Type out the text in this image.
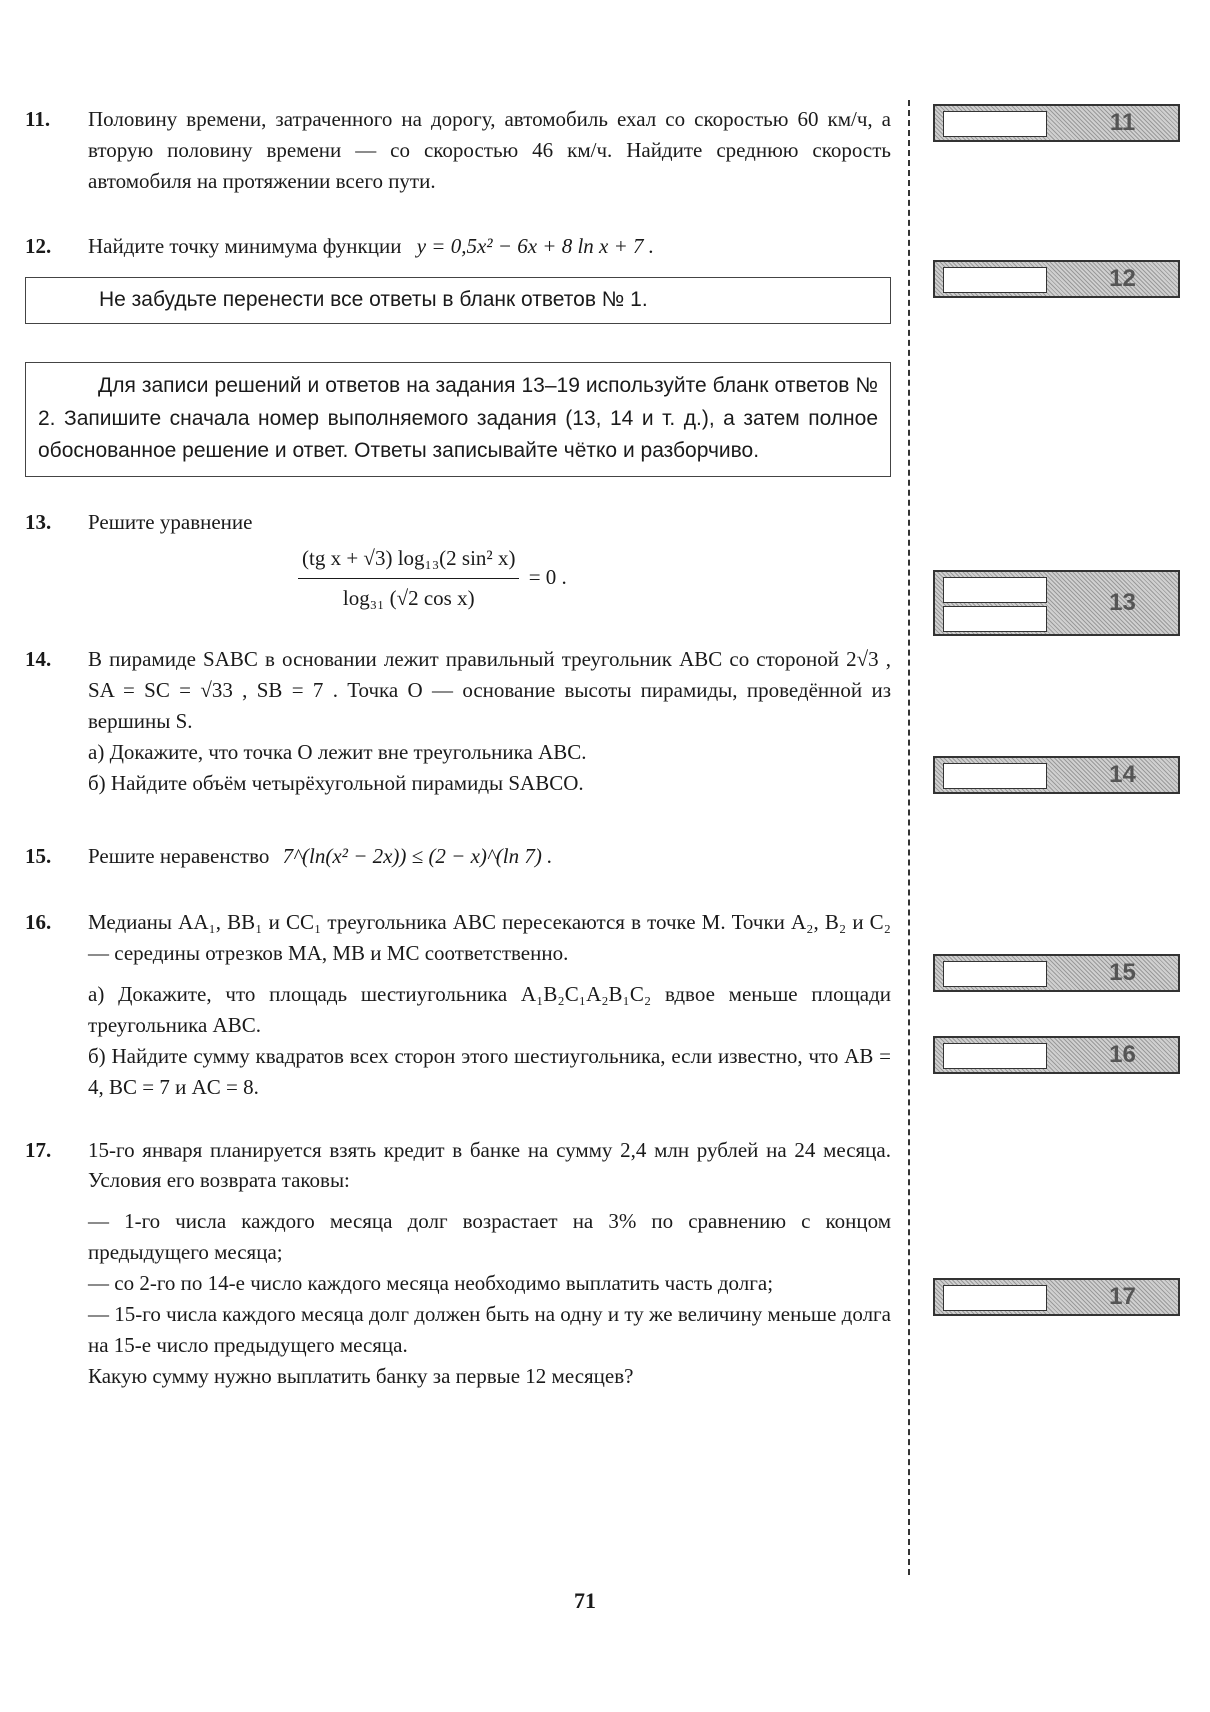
11. Половину времени, затраченного на дорогу, автомобиль ехал со скоростью 60 км/ч, а вторую половину времени — со скоростью 46 км/ч. Найдите среднюю скорость автомобиля на протяжении всего пути.
12. Найдите точку минимума функции y = 0,5x² − 6x + 8 ln x + 7 .
Не забудьте перенести все ответы в бланк ответов № 1.
Для записи решений и ответов на задания 13–19 используйте бланк ответов № 2. Запишите сначала номер выполняемого задания (13, 14 и т. д.), а затем полное обоснованное решение и ответ. Ответы записывайте чётко и разборчиво.
13. Решите уравнение
$\frac{\text{(tg x + √3) log₁₃(2 sin² x)}}{\text{log₃₁ (√2 cos x)}} = 0$ .
14. В пирамиде SABC в основании лежит правильный треугольник ABC со стороной 2√3 , SA = SC = √33 , SB = 7 . Точка O — основание высоты пирамиды, проведённой из вершины S.
а) Докажите, что точка O лежит вне треугольника ABC.
б) Найдите объём четырёхугольной пирамиды SABCO.
15. Решите неравенство 7^(ln(x² − 2x)) ≤ (2 − x)^(ln 7) .
16. Медианы AA₁, BB₁ и CC₁ треугольника ABC пересекаются в точке M. Точки A₂, B₂ и C₂ — середины отрезков MA, MB и MC соответственно.
а) Докажите, что площадь шестиугольника A₁B₂C₁A₂B₁C₂ вдвое меньше площади треугольника ABC.
б) Найдите сумму квадратов всех сторон этого шестиугольника, если известно, что AB = 4, BC = 7 и AC = 8.
17. 15-го января планируется взять кредит в банке на сумму 2,4 млн рублей на 24 месяца. Условия его возврата таковы:
— 1-го числа каждого месяца долг возрастает на 3% по сравнению с концом предыдущего месяца;
— со 2-го по 14-е число каждого месяца необходимо выплатить часть долга;
— 15-го числа каждого месяца долг должен быть на одну и ту же величину меньше долга на 15-е число предыдущего месяца.
Какую сумму нужно выплатить банку за первые 12 месяцев?
11
12
13
14
15
16
17
71
